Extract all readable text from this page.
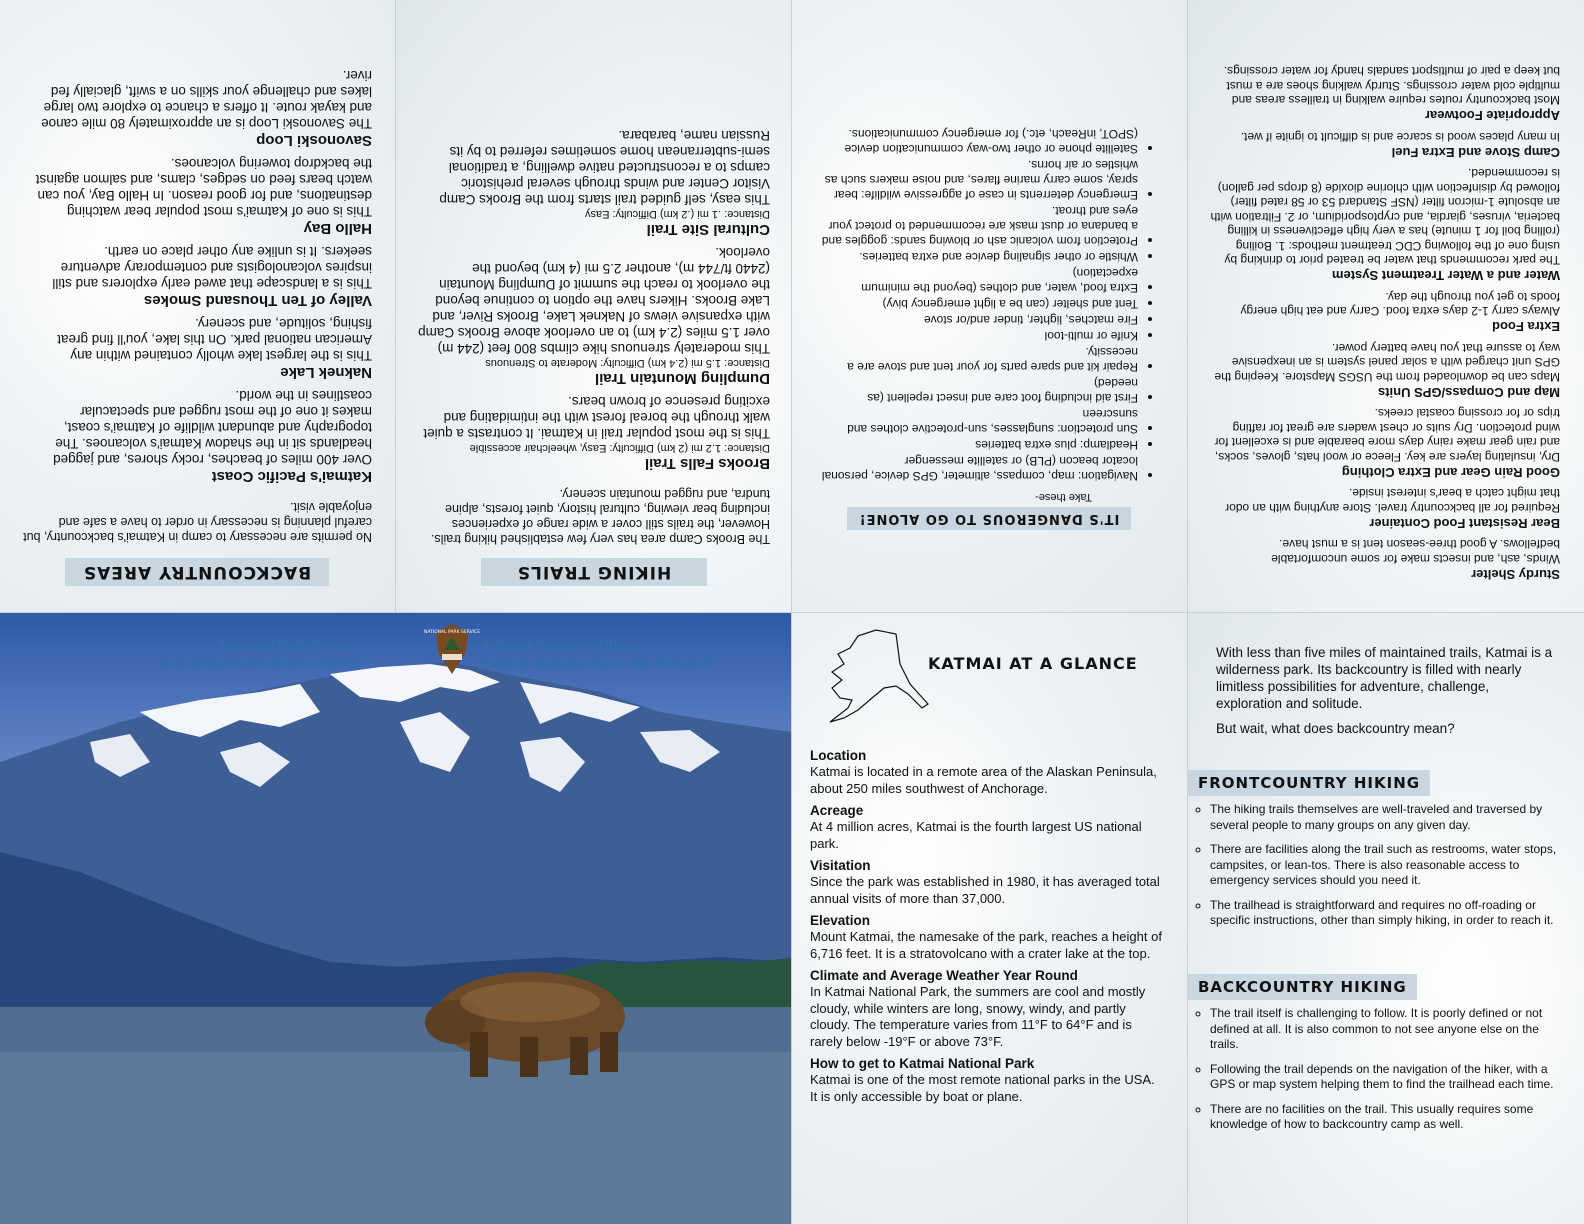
BACKCOUNTRY AREAS

No permits are necessary to camp in Katmai's backcountry, but careful planning is necessary in order to have a safe and enjoyable visit.

Katmai's Pacific Coast

Over 400 miles of beaches, rocky shores, and jagged headlands sit in the shadow Katmai's volcanoes. The topography and abundant wildlife of Katmai's coast, makes it one of the most rugged and spectacular coastlines in the world.

Naknek Lake

This is the largest lake wholly contained within any American national park. On this lake, you'll find great fishing, solitude, and scenery.

Valley of Ten Thousand Smokes

This is a landscape that awed early explorers and still inspires volcanologists and contemporary adventure seekers. It is unlike any other place on earth.

Hallo Bay

This is one of Katmai's most popular bear watching destinations, and for good reason. In Hallo Bay, you can watch bears feed on sedges, clams, and salmon against the backdrop towering volcanoes.

Savonoski Loop

The Savonoski Loop is an approximately 80 mile canoe and kayak route. It offers a chance to explore two large lakes and challenge your skills on a swift, glacially fed river.

HIKING TRAILS

The Brooks Camp area has very few established hiking trails. However, the trails still cover a wide range of experiences including bear viewing, cultural history, quiet forests, alpine tundra, and rugged mountain scenery.

Brooks Falls Trail

Distance: 1.2 mi (2 km) Difficulty: Easy, wheelchair accessible

This is the most popular trail in Katmai. It contrasts a quiet walk through the boreal forest with the intimidating and exciting presence of brown bears.

Dumpling Mountain Trail

Distance: 1.5 mi (2.4 km) Difficulty: Moderate to Strenuous

This moderately strenuous hike climbs 800 feet (244 m) over 1.5 miles (2.4 km) to an overlook above Brooks Camp with expansive views of Naknek Lake, Brooks River, and Lake Brooks. Hikers have the option to continue beyond the overlook to reach the summit of Dumpling Mountain (2440 ft/744 m), another 2.5 mi (4 km) beyond the overlook.

Cultural Site Trail

Distance: .1 mi (.2 km) Difficulty: Easy

This easy, self guided trail starts from the Brooks Camp Visitor Center and winds through several prehistoric camps to a reconstructed native dwelling, a traditional semi-subterranean home sometimes referred to by its Russian name, barabara.

IT'S DANGEROUS TO GO ALONE!

Take these-

• Navigation: map, compass, altimeter, GPS device, personal locator beacon (PLB) or satellite messenger
• Headlamp: plus extra batteries
• Sun protection: sunglasses, sun-protective clothes and sunscreen
• First aid including foot care and insect repellent (as needed)
• Repair kit and spare parts for your tent and stove are a necessity.
• Knife or multi-tool
• Fire matches, lighter, tinder and/or stove
• Tent and shelter (can be a light emergency bivy)
• Extra food, water, and clothes (beyond the minimum expectation)
• Whistle or other signaling device and extra batteries.
• Protection from volcanic ash or blowing sands: goggles and a bandana or dust mask are recommended to protect your eyes and throat.
• Emergency deterrents in case of aggressive wildlife: bear spray, some carry marine flares, and noise makers such as whistles or air horns.
• Satellite phone or other two-way communication device (SPOT, inReach, etc.) for emergency communications.
Sturdy Shelter

Winds, ash, and insects make for some uncomfortable bedfellows. A good three-season tent is a must have.

Bear Resistant Food Container

Required for all backcountry travel. Store anything with an odor that might catch a bear's interest inside.

Good Rain Gear and Extra Clothing

Dry, insulating layers are key. Fleece or wool hats, gloves, socks, and rain gear make rainy days more bearable and is excellent for wind protection. Dry suits or chest waders are great for rafting trips or for crossing coastal creeks.

Map and Compass/GPS Units

Maps can be downloaded from the USGS Mapstore. Keeping the GPS unit charged with a solar panel system is an inexpensive way to assure that you have battery power.

Extra Food

Always carry 1-2 days extra food. Carry and eat high energy foods to get you through the day.

Water and a Water Treatment System

The park recommends that water be treated prior to drinking by using one of the following CDC treatment methods: 1. Boiling (rolling boil for 1 minute) has a very high effectiveness in killing bacteria, viruses, giardia, and cryptosporidium, or 2. Filtration with an absolute 1-micron filter (NSF Standard 53 or 58 rated filter) followed by disinfection with chlorine dioxide (8 drops per gallon) is recommended.

Camp Stove and Extra Fuel

In many places wood is scarce and is difficult to ignite if wet.

Appropriate Footwear

Most backcountry routes require walking in trailless areas and multiple cold water crossings. Sturdy walking shoes are a must but keep a pair of multisport sandals handy for water crossings.

National Park Service
U.S. Department of the Interior
NATIONAL PARK SERVICE
A Quick Guide to Hiking
Katmai National Park and Preserve	KATMAI AT A GLANCE
Location

Katmai is located in a remote area of the Alaskan Peninsula, about 250 miles southwest of Anchorage.

Acreage

At 4 million acres, Katmai is the fourth largest US national park.

Visitation

Since the park was established in 1980, it has averaged total annual visits of more than 37,000.

Elevation

Mount Katmai, the namesake of the park, reaches a height of 6,716 feet. It is a stratovolcano with a crater lake at the top.

Climate and Average Weather Year Round

In Katmai National Park, the summers are cool and mostly cloudy, while winters are long, snowy, windy, and partly cloudy. The temperature varies from 11°F to 64°F and is rarely below -19°F or above 73°F.

How to get to Katmai National Park

Katmai is one of the most remote national parks in the USA. It is only accessible by boat or plane.

With less than five miles of maintained trails, Katmai is a wilderness park. Its backcountry is filled with nearly limitless possibilities for adventure, challenge, exploration and solitude.

But wait, what does backcountry mean?

FRONTCOUNTRY HIKING
◦ The hiking trails themselves are well-traveled and traversed by several people to many groups on any given day.
◦ There are facilities along the trail such as restrooms, water stops, campsites, or lean-tos. There is also reasonable access to emergency services should you need it.
◦ The trailhead is straightforward and requires no off-roading or specific instructions, other than simply hiking, in order to reach it.
BACKCOUNTRY HIKING
◦ The trail itself is challenging to follow. It is poorly defined or not defined at all. It is also common to not see anyone else on the trails.
◦ Following the trail depends on the navigation of the hiker, with a GPS or map system helping them to find the trailhead each time.
◦ There are no facilities on the trail. This usually requires some knowledge of how to backcountry camp as well.
